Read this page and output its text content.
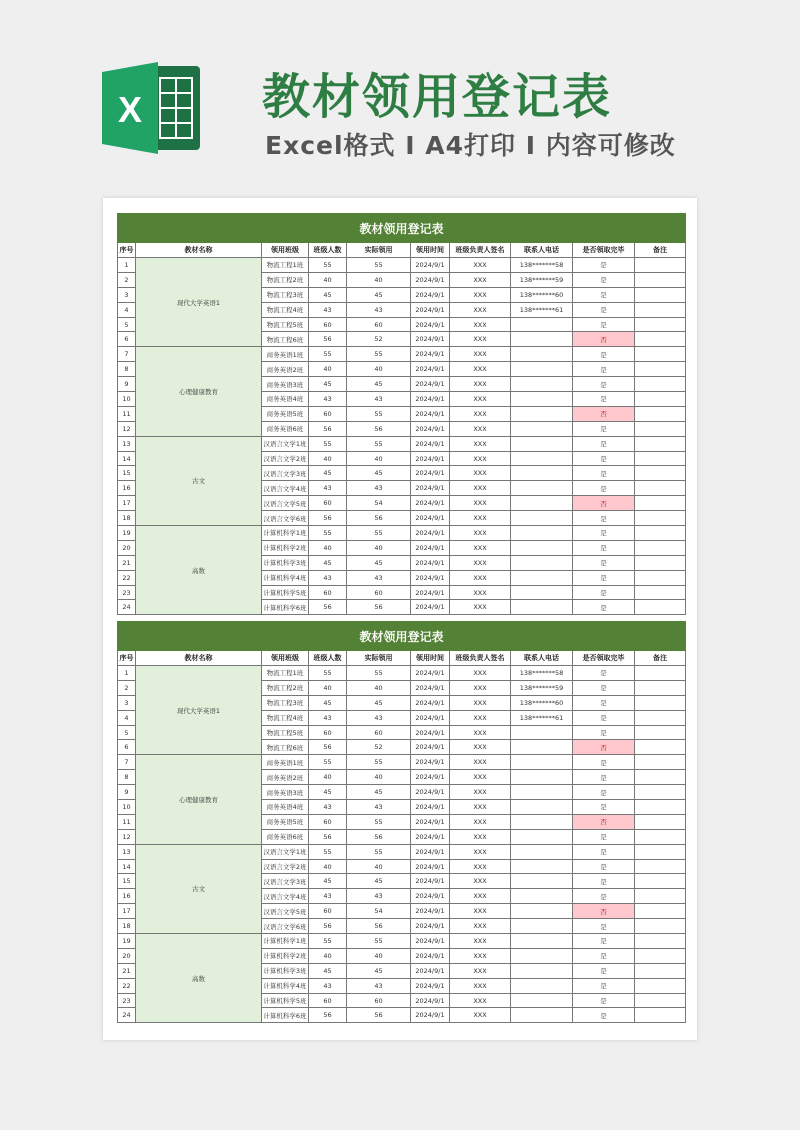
X 教材领用登记表
Excel格式 I A4打印 I 内容可修改
教材领用登记表									
序号	教材名称	领用班级	班级人数	实际领用	领用时间	班级负责人签名	联系人电话	是否领取完毕	备注
1	现代大学英语1	物流工程1班	55	55	2024/9/1	XXX	138*******58	是	
2		物流工程2班	40	40	2024/9/1	XXX	138*******59	是	
3		物流工程3班	45	45	2024/9/1	XXX	138*******60	是	
4		物流工程4班	43	43	2024/9/1	XXX	138*******61	是	
5		物流工程5班	60	60	2024/9/1	XXX		是	
6		物流工程6班	56	52	2024/9/1	XXX		否	
7	心理健康教育	商务英语1班	55	55	2024/9/1	XXX		是	
8		商务英语2班	40	40	2024/9/1	XXX		是	
9		商务英语3班	45	45	2024/9/1	XXX		是	
10		商务英语4班	43	43	2024/9/1	XXX		是	
11		商务英语5班	60	55	2024/9/1	XXX		否	
12		商务英语6班	56	56	2024/9/1	XXX		是	
13	古文	汉语言文学1班	55	55	2024/9/1	XXX		是	
14		汉语言文学2班	40	40	2024/9/1	XXX		是	
15		汉语言文学3班	45	45	2024/9/1	XXX		是	
16		汉语言文学4班	43	43	2024/9/1	XXX		是	
17		汉语言文学5班	60	54	2024/9/1	XXX		否	
18		汉语言文学6班	56	56	2024/9/1	XXX		是	
19	高数	计算机科学1班	55	55	2024/9/1	XXX		是	
20		计算机科学2班	40	40	2024/9/1	XXX		是	
21		计算机科学3班	45	45	2024/9/1	XXX		是	
22		计算机科学4班	43	43	2024/9/1	XXX		是	
23		计算机科学5班	60	60	2024/9/1	XXX		是	
24		计算机科学6班	56	56	2024/9/1	XXX		是	
教材领用登记表									
序号	教材名称	领用班级	班级人数	实际领用	领用时间	班级负责人签名	联系人电话	是否领取完毕	备注
1	现代大学英语1	物流工程1班	55	55	2024/9/1	XXX	138*******58	是	
2		物流工程2班	40	40	2024/9/1	XXX	138*******59	是	
3		物流工程3班	45	45	2024/9/1	XXX	138*******60	是	
4		物流工程4班	43	43	2024/9/1	XXX	138*******61	是	
5		物流工程5班	60	60	2024/9/1	XXX		是	
6		物流工程6班	56	52	2024/9/1	XXX		否	
7	心理健康教育	商务英语1班	55	55	2024/9/1	XXX		是	
8		商务英语2班	40	40	2024/9/1	XXX		是	
9		商务英语3班	45	45	2024/9/1	XXX		是	
10		商务英语4班	43	43	2024/9/1	XXX		是	
11		商务英语5班	60	55	2024/9/1	XXX		否	
12		商务英语6班	56	56	2024/9/1	XXX		是	
13	古文	汉语言文学1班	55	55	2024/9/1	XXX		是	
14		汉语言文学2班	40	40	2024/9/1	XXX		是	
15		汉语言文学3班	45	45	2024/9/1	XXX		是	
16		汉语言文学4班	43	43	2024/9/1	XXX		是	
17		汉语言文学5班	60	54	2024/9/1	XXX		否	
18		汉语言文学6班	56	56	2024/9/1	XXX		是	
19	高数	计算机科学1班	55	55	2024/9/1	XXX		是	
20		计算机科学2班	40	40	2024/9/1	XXX		是	
21		计算机科学3班	45	45	2024/9/1	XXX		是	
22		计算机科学4班	43	43	2024/9/1	XXX		是	
23		计算机科学5班	60	60	2024/9/1	XXX		是	
24		计算机科学6班	56	56	2024/9/1	XXX		是	
